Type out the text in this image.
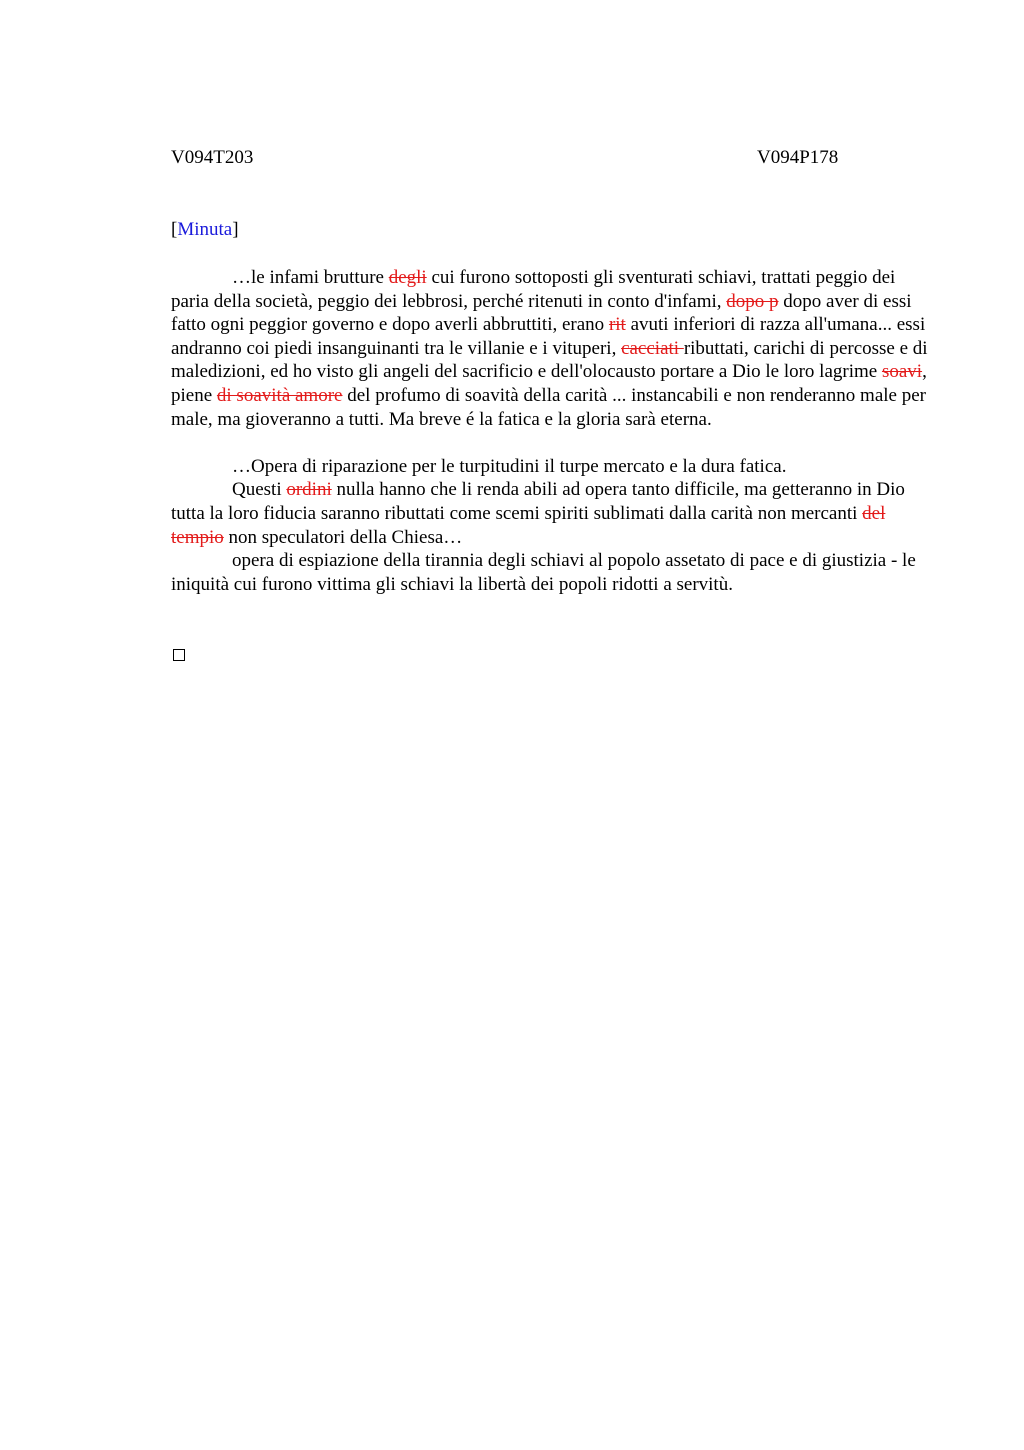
V094T203	V094P178
[Minuta]

…le infami brutture degli cui furono sottoposti gli sventurati schiavi, trattati peggio dei paria della società, peggio dei lebbrosi, perché ritenuti in conto d'infami, dopo p dopo aver di essi fatto ogni peggior governo e dopo averli abbruttiti, erano rit avuti inferiori di razza all'umana... essi andranno coi piedi insanguinanti tra le villanie e i vituperi, cacciati ributtati, carichi di percosse e di maledizioni, ed ho visto gli angeli del sacrificio e dell'olocausto portare a Dio le loro lagrime soavi, piene di soavità amore del profumo di soavità della carità ... instancabili e non renderanno male per male, ma gioveranno a tutti. Ma breve é la fatica e la gloria sarà eterna.

…Opera di riparazione per le turpitudini il turpe mercato e la dura fatica.

Questi ordini nulla hanno che li renda abili ad opera tanto difficile, ma getteranno in Dio tutta la loro fiducia saranno ributtati come scemi spiriti sublimati dalla carità non mercanti del tempio non speculatori della Chiesa…

opera di espiazione della tirannia degli schiavi al popolo assetato di pace e di giustizia - le iniquità cui furono vittima gli schiavi la libertà dei popoli ridotti a servitù.
